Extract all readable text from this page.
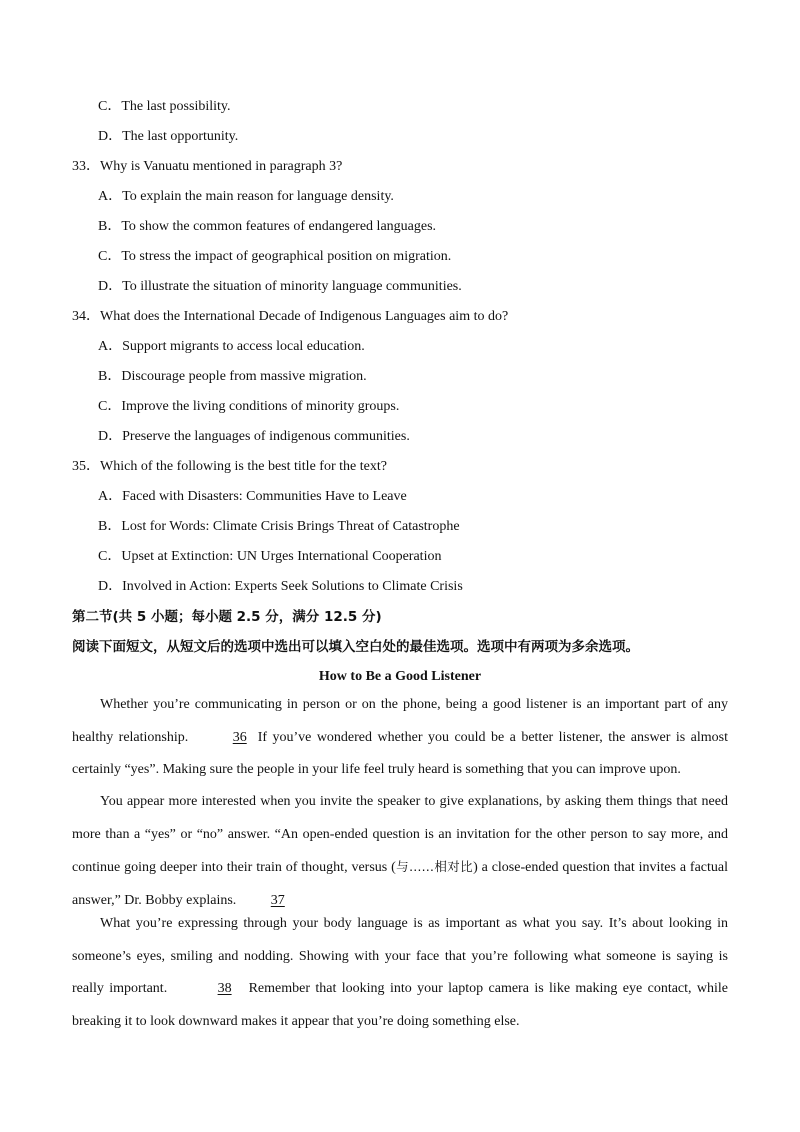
C．The last possibility.
D．The last opportunity.
33．Why is Vanuatu mentioned in paragraph 3?
A．To explain the main reason for language density.
B．To show the common features of endangered languages.
C．To stress the impact of geographical position on migration.
D．To illustrate the situation of minority language communities.
34．What does the International Decade of Indigenous Languages aim to do?
A．Support migrants to access local education.
B．Discourage people from massive migration.
C．Improve the living conditions of minority groups.
D．Preserve the languages of indigenous communities.
35．Which of the following is the best title for the text?
A．Faced with Disasters: Communities Have to Leave
B．Lost for Words: Climate Crisis Brings Threat of Catastrophe
C．Upset at Extinction: UN Urges International Cooperation
D．Involved in Action: Experts Seek Solutions to Climate Crisis
第二节(共 5 小题；每小题 2.5 分，满分 12.5 分)
阅读下面短文，从短文后的选项中选出可以填入空白处的最佳选项。选项中有两项为多余选项。
How to Be a Good Listener
Whether you’re communicating in person or on the phone, being a good listener is an important part of any healthy relationship.	36 If you’ve wondered whether you could be a better listener, the answer is almost certainly “yes”. Making sure the people in your life feel truly heard is something that you can improve upon.
You appear more interested when you invite the speaker to give explanations, by asking them things that need more than a “yes” or “no” answer. “An open-ended question is an invitation for the other person to say more, and continue going deeper into their train of thought, versus (与……相对比) a close-ended question that invites a factual answer,” Dr. Bobby explains. 37
What you’re expressing through your body language is as important as what you say. It’s about looking in someone’s eyes, smiling and nodding. Showing with your face that you’re following what someone is saying is really important.	38 Remember that looking into your laptop camera is like making eye contact, while breaking it to look downward makes it appear that you’re doing something else.
